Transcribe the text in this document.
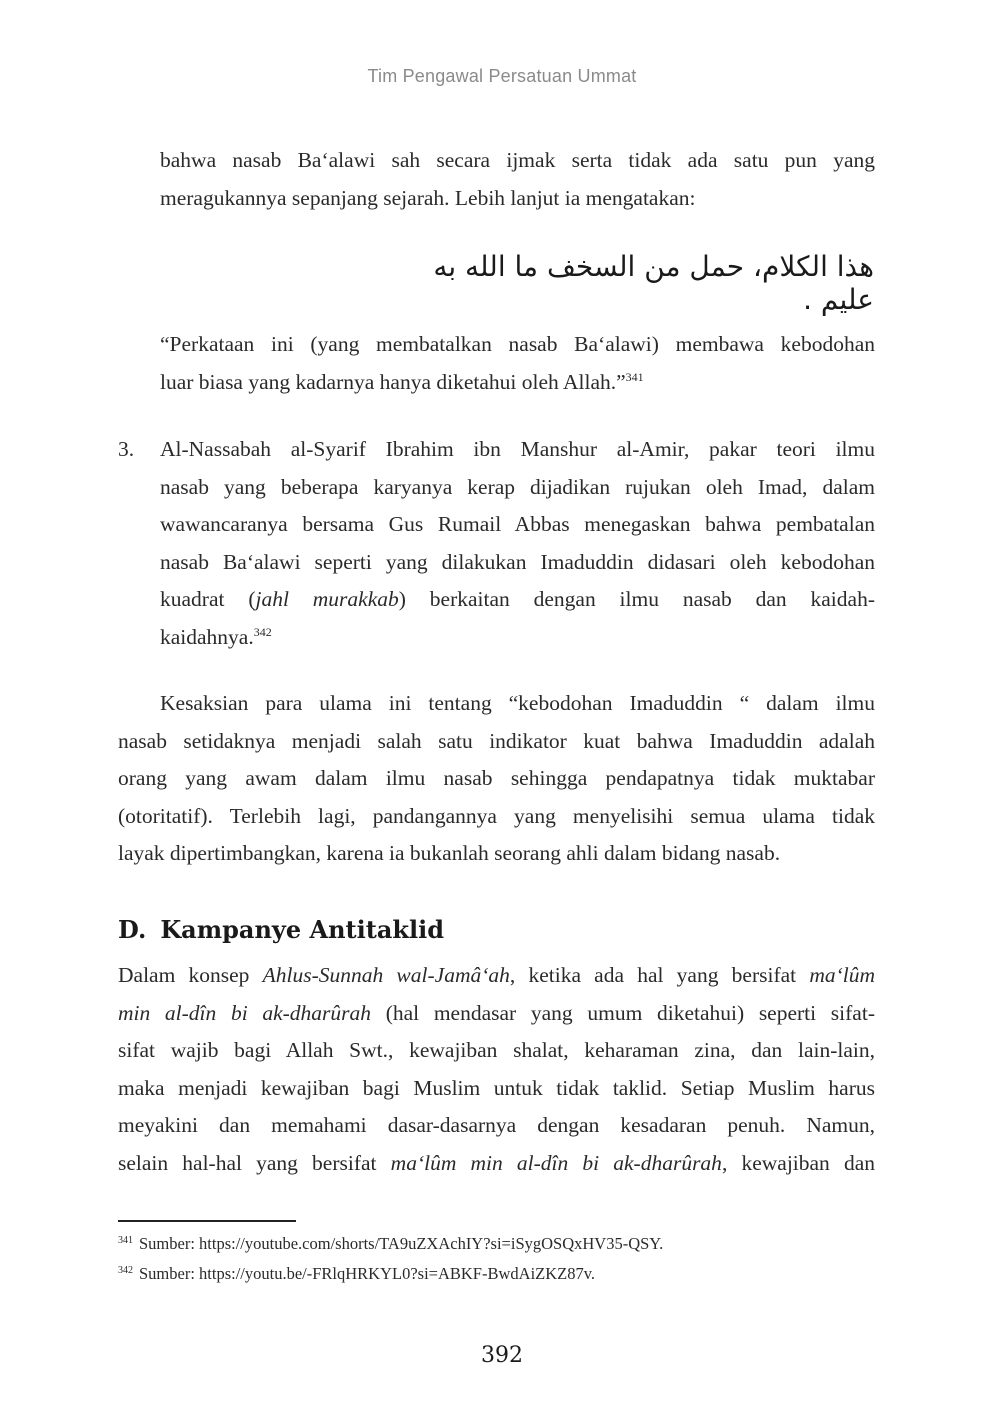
Tim Pengawal Persatuan Ummat
bahwa nasab Ba‘alawi sah secara ijmak serta tidak ada satu pun yang
meragukannya sepanjang sejarah. Lebih lanjut ia mengatakan:
هذا الكلام، حمل من السخف ما الله به عليم .
“Perkataan ini (yang membatalkan nasab Ba‘alawi) membawa kebodohan
luar biasa yang kadarnya hanya diketahui oleh Allah.”$^{341}$
3. Al-Nassabah al-Syarif Ibrahim ibn Manshur al-Amir, pakar teori ilmu
nasab yang beberapa karyanya kerap dijadikan rujukan oleh Imad, dalam
wawancaranya bersama Gus Rumail Abbas menegaskan bahwa pembatalan
nasab Ba‘alawi seperti yang dilakukan Imaduddin didasari oleh kebodohan
kuadrat (jahl murakkab) berkaitan dengan ilmu nasab dan kaidah-
kaidahnya.$^{342}$
Kesaksian para ulama ini tentang “kebodohan Imaduddin “ dalam ilmu
nasab setidaknya menjadi salah satu indikator kuat bahwa Imaduddin adalah
orang yang awam dalam ilmu nasab sehingga pendapatnya tidak muktabar
(otoritatif). Terlebih lagi, pandangannya yang menyelisihi semua ulama tidak
layak dipertimbangkan, karena ia bukanlah seorang ahli dalam bidang nasab.
D. Kampanye Antitaklid
Dalam konsep Ahlus-Sunnah wal-Jamâ‘ah, ketika ada hal yang bersifat ma‘lûm
min al-dîn bi ak-dharûrah (hal mendasar yang umum diketahui) seperti sifat-
sifat wajib bagi Allah Swt., kewajiban shalat, keharaman zina, dan lain-lain,
maka menjadi kewajiban bagi Muslim untuk tidak taklid. Setiap Muslim harus
meyakini dan memahami dasar-dasarnya dengan kesadaran penuh. Namun,
selain hal-hal yang bersifat ma‘lûm min al-dîn bi ak-dharûrah, kewajiban dan
$^{341}$ Sumber: https://youtube.com/shorts/TA9uZXAchIY?si=iSygOSQxHV35-QSY.
$^{342}$ Sumber: https://youtu.be/-FRlqHRKYL0?si=ABKF-BwdAiZKZ87v.
392
